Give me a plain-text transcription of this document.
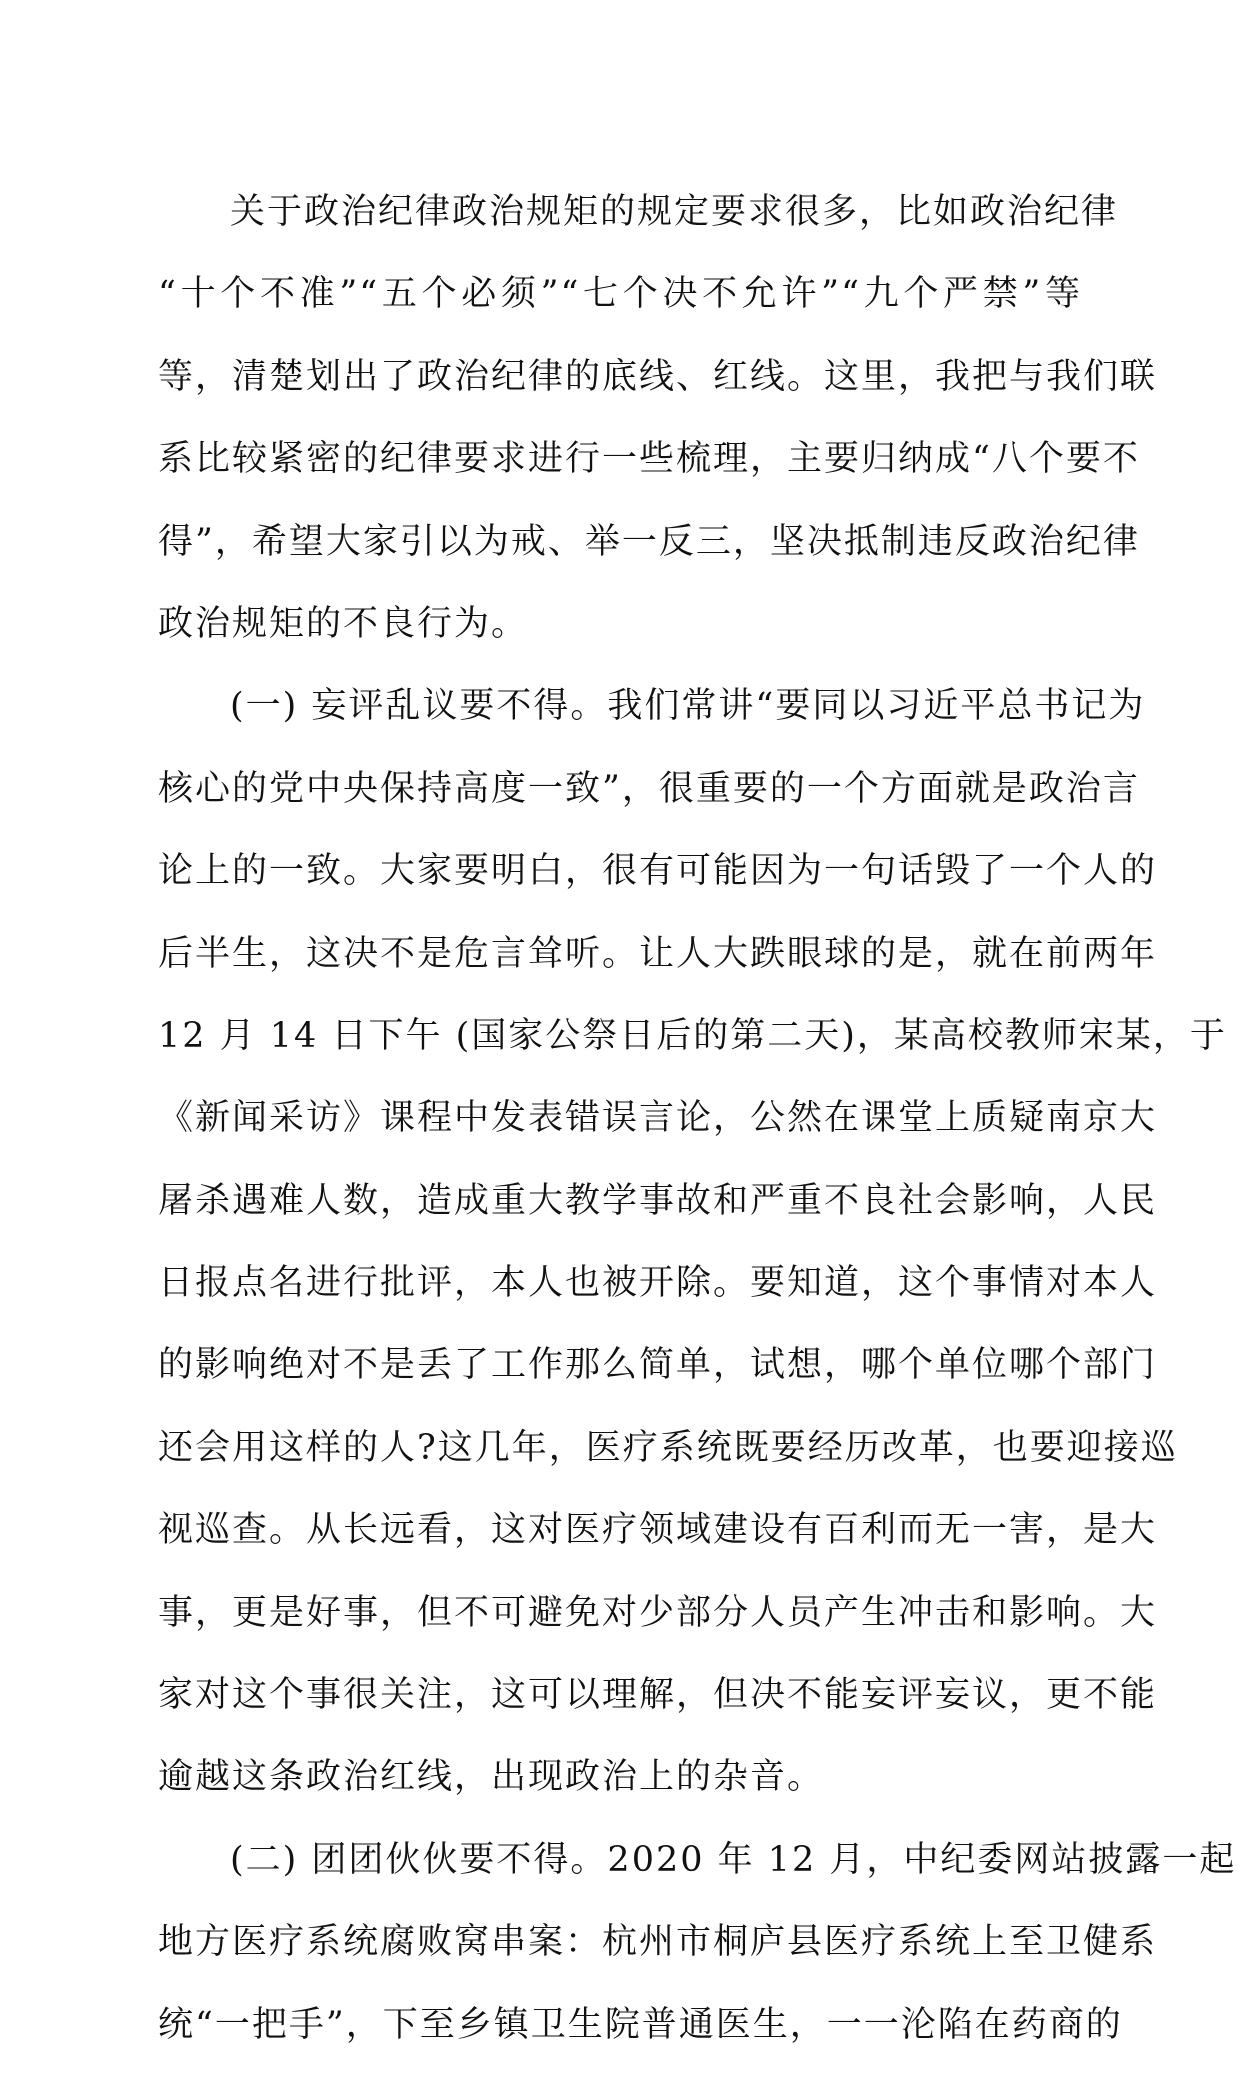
关于政治纪律政治规矩的规定要求很多，比如政治纪律
“十个不准”“五个必须”“七个决不允许”“九个严禁”等
等，清楚划出了政治纪律的底线、红线。这里，我把与我们联
系比较紧密的纪律要求进行一些梳理，主要归纳成“八个要不
得”，希望大家引以为戒、举一反三，坚决抵制违反政治纪律
政治规矩的不良行为。
(一) 妄评乱议要不得。我们常讲“要同以习近平总书记为
核心的党中央保持高度一致”，很重要的一个方面就是政治言
论上的一致。大家要明白，很有可能因为一句话毁了一个人的
后半生，这决不是危言耸听。让人大跌眼球的是，就在前两年
12 月 14 日下午 (国家公祭日后的第二天)，某高校教师宋某，于
《新闻采访》课程中发表错误言论，公然在课堂上质疑南京大
屠杀遇难人数，造成重大教学事故和严重不良社会影响，人民
日报点名进行批评，本人也被开除。要知道，这个事情对本人
的影响绝对不是丢了工作那么简单，试想，哪个单位哪个部门
还会用这样的人?这几年，医疗系统既要经历改革，也要迎接巡
视巡查。从长远看，这对医疗领域建设有百利而无一害，是大
事，更是好事，但不可避免对少部分人员产生冲击和影响。大
家对这个事很关注，这可以理解，但决不能妄评妄议，更不能
逾越这条政治红线，出现政治上的杂音。
(二) 团团伙伙要不得。2020 年 12 月，中纪委网站披露一起
地方医疗系统腐败窝串案：杭州市桐庐县医疗系统上至卫健系
统“一把手”，下至乡镇卫生院普通医生，一一沦陷在药商的
